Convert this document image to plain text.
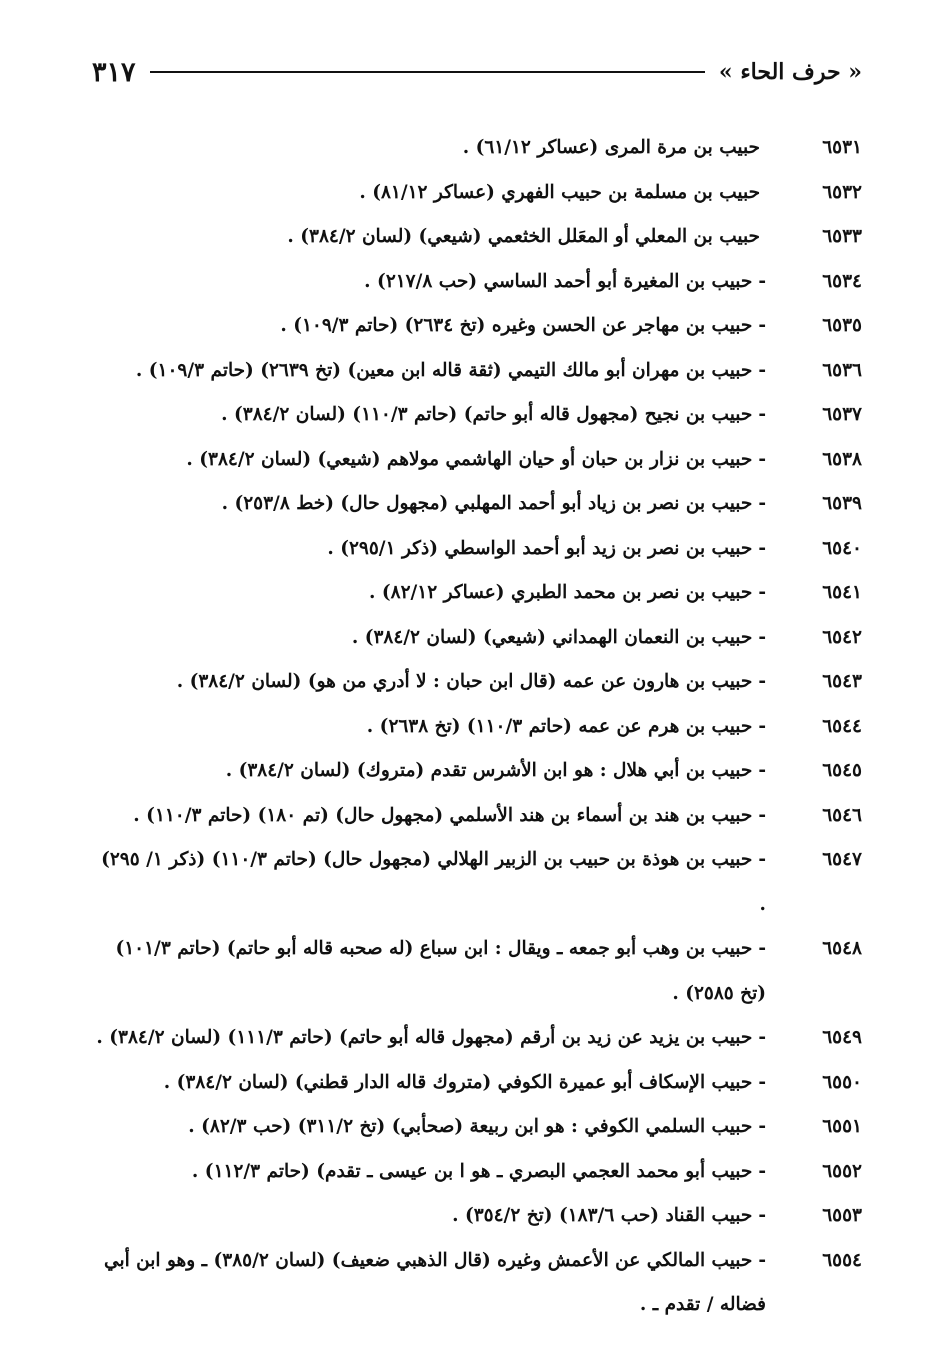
٣١٧	« حرف الحاء »
٦٥٣١
حبيب بن مرة المرى (عساكر ٦١/١٢) .
٦٥٣٢
حبيب بن مسلمة بن حبيب الفهري (عساكر ٨١/١٢) .
٦٥٣٣
حبيب بن المعلي أو المعَلل الخثعمي (شيعي) (لسان ٣٨٤/٢) .
٦٥٣٤
-حبيب بن المغيرة أبو أحمد الساسي (حب ٢١٧/٨) .
٦٥٣٥
-حبيب بن مهاجر عن الحسن وغيره (تخ ٢٦٣٤) (حاتم ١٠٩/٣) .
٦٥٣٦
-حبيب بن مهران أبو مالك التيمي (ثقة قاله ابن معين) (تخ ٢٦٣٩) (حاتم ١٠٩/٣) .
٦٥٣٧
-حبيب بن نجيح (مجهول قاله أبو حاتم) (حاتم ١١٠/٣) (لسان ٣٨٤/٢) .
٦٥٣٨
-حبيب بن نزار بن حبان أو حيان الهاشمي مولاهم (شيعي) (لسان ٣٨٤/٢) .
٦٥٣٩
-حبيب بن نصر بن زياد أبو أحمد المهلبي (مجهول حال) (خط ٢٥٣/٨) .
٦٥٤٠
-حبيب بن نصر بن زيد أبو أحمد الواسطي (ذكر ٢٩٥/١) .
٦٥٤١
-حبيب بن نصر بن محمد الطبري (عساكر ٨٢/١٢) .
٦٥٤٢
-حبيب بن النعمان الهمداني (شيعي) (لسان ٣٨٤/٢) .
٦٥٤٣
-حبيب بن هارون عن عمه (قال ابن حبان : لا أدري من هو) (لسان ٣٨٤/٢) .
٦٥٤٤
-حبيب بن هرم عن عمه (حاتم ١١٠/٣) (تخ ٢٦٣٨) .
٦٥٤٥
-حبيب بن أبي هلال : هو ابن الأشرس تقدم (متروك) (لسان ٣٨٤/٢) .
٦٥٤٦
-حبيب بن هند بن أسماء بن هند الأسلمي (مجهول حال) (تم ١٨٠) (حاتم ١١٠/٣) .
٦٥٤٧
-حبيب بن هوذة بن حبيب بن الزبير الهلالي (مجهول حال) (حاتم ١١٠/٣) (ذكر ١/ ٢٩٥) .
٦٥٤٨
-حبيب بن وهب أبو جمعه ـ ويقال : ابن سباع (له صحبه قاله أبو حاتم) (حاتم ١٠١/٣) (تخ ٢٥٨٥) .
٦٥٤٩
-حبيب بن يزيد عن زيد بن أرقم (مجهول قاله أبو حاتم) (حاتم ١١١/٣) (لسان ٣٨٤/٢) .
٦٥٥٠
-حبيب الإسكاف أبو عميرة الكوفي (متروك قاله الدار قطني) (لسان ٣٨٤/٢) .
٦٥٥١
-حبيب السلمي الكوفي : هو ابن ربيعة (صحأبي) (تخ ٣١١/٢) (حب ٨٢/٣) .
٦٥٥٢
-حبيب أبو محمد العجمي البصري ـ هو ا بن عيسى ـ تقدم) (حاتم ١١٢/٣) .
٦٥٥٣
-حبيب القناد (حب ١٨٣/٦) (تخ ٣٥٤/٢) .
٦٥٥٤
-حبيب المالكي عن الأعمش وغيره (قال الذهبي ضعيف) (لسان ٣٨٥/٢) ـ وهو ابن أبي فضاله / تقدم ـ .
